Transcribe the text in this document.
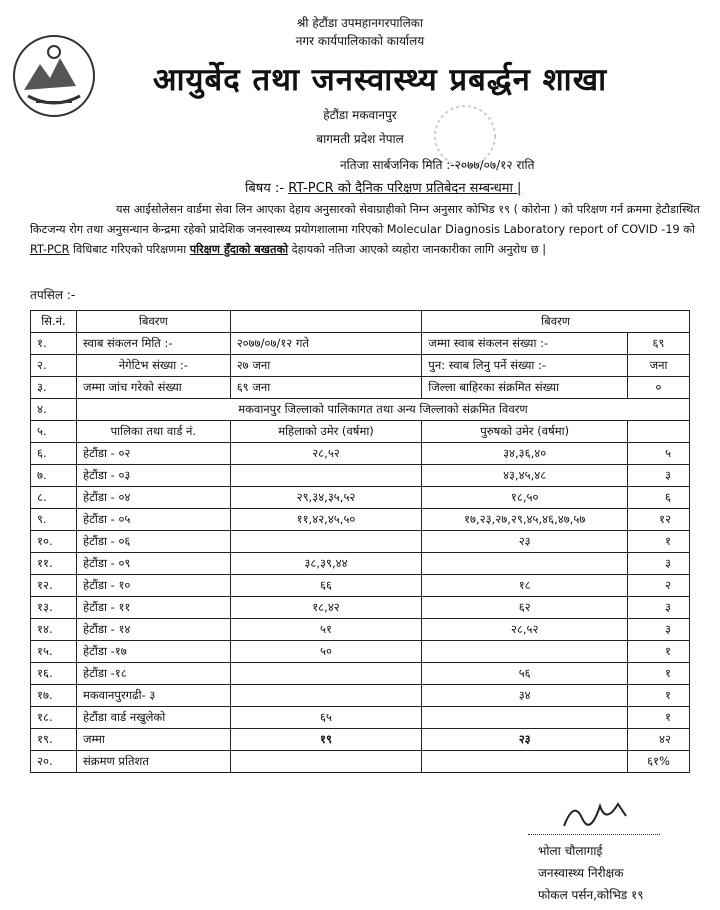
श्री हेटौंडा उपमहानगरपालिका
नगर कार्यपालिकाको कार्यालय
आयुर्बेद तथा जनस्वास्थ्य प्रबर्द्धन शाखा
हेटौंडा मकवानपुर
बागमती प्रदेश नेपाल
नतिजा सार्बजनिक मिति :-२०७७/०७/१२ राति
बिषय :- RT-PCR को दैनिक परिक्षण प्रतिबेदन सम्बन्धमा |
यस आईसोलेसन वार्डमा सेवा लिन आएका देहाय अनुसारको सेवाग्राहीको निम्न अनुसार कोभिड १९ ( कोरोना ) को परिक्षण गर्न क्रममा हेटौडास्थित किटजन्य रोग तथा अनुसन्धान केन्द्रमा रहेको प्रादेशिक जनस्वास्थ्य प्रयोगशालामा गरिएको Molecular Diagnosis Laboratory report of COVID -19 को RT-PCR विधिबाट गरिएको परिक्षणमा परिक्षण हुँदाको बखतको देहायको नतिजा आएको व्यहोरा जानकारीका लागि अनुरोध छ |
तपसिल :-
सि.नं.	बिवरण		बिवरण	
१.	स्वाब संकलन मिति :-	२०७७/०७/१२ गते	जम्मा स्वाब संकलन संख्या :-	६९
२.	नेगेटिभ संख्या :-	२७ जना	पुन: स्वाब लिनु पर्ने संख्या :-	जना
३.	जम्मा जांच गरेको संख्या	६९ जना	जिल्ला बाहिरका संक्रमित संख्या	०
४.	मकवानपुर जिल्लाको पालिकागत तथा अन्य जिल्लाको संक्रमित विवरण			
५.	पालिका तथा वार्ड नं.	महिलाको उमेर (वर्षमा)	पुरुषको उमेर (वर्षमा)	
६.	हेटौंडा - ०२	२८,५२	३४,३६,४०	५
७.	हेटौंडा - ०३		४३,४५,४८	३
८.	हेटौंडा - ०४	२९,३४,३५,५२	१८,५०	६
९.	हेटौंडा - ०५	११,४२,४५,५०	१७,२३,२७,२९,४५,४६,४७,५७	१२
१०.	हेटौंडा - ०६		२३	१
११.	हेटौंडा - ०९	३८,३९,४४		३
१२.	हेटौंडा - १०	६६	१८	२
१३.	हेटौंडा - ११	१८,४२	६२	३
१४.	हेटौंडा - १४	५१	२८,५२	३
१५.	हेटौंडा -१७	५०		१
१६.	हेटौंडा -१८		५६	१
१७.	मकवानपुरगढी- ३		३४	१
१८.	हेटौंडा वार्ड नखुलेको	६५		१
१९.	जम्मा	१९	२३	४२
२०.	संक्रमण प्रतिशत			६१%
भोला चौलागाई
जनस्वास्थ्य निरीक्षक
फोकल पर्सन,कोभिड १९
